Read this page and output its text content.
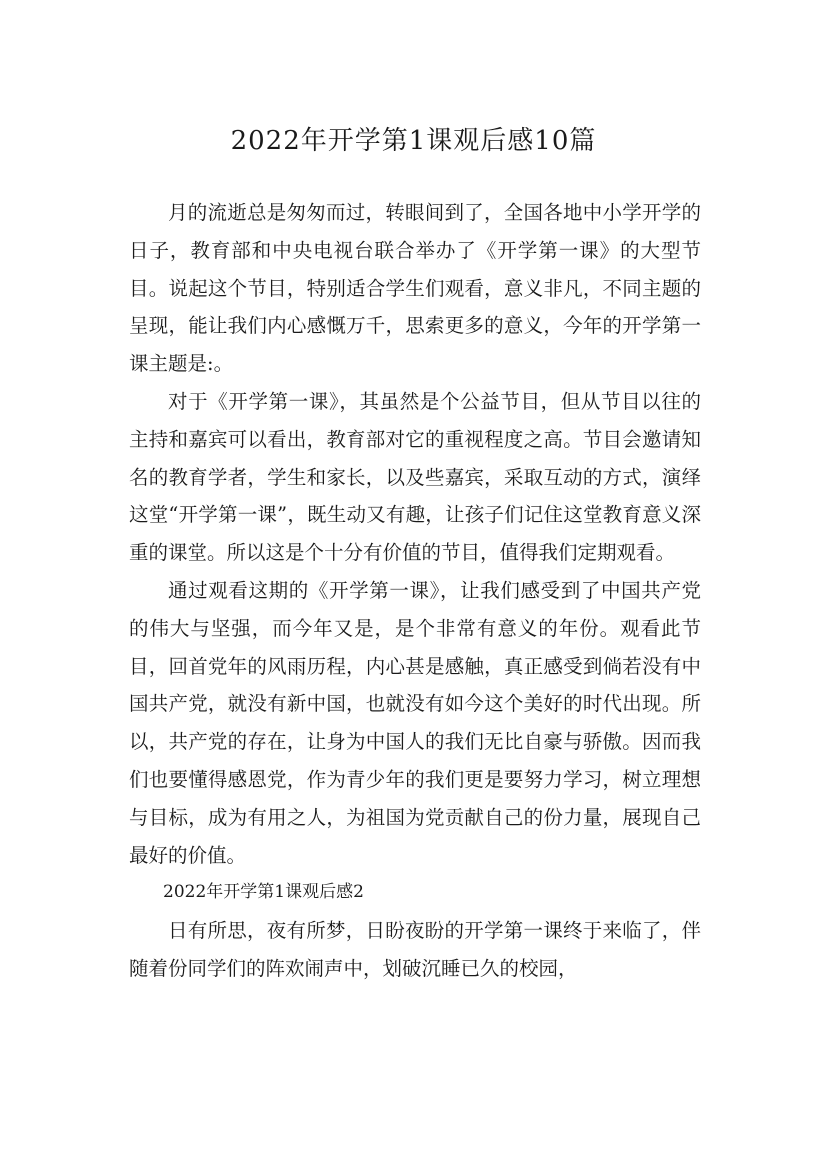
2022年开学第1课观后感10篇

月的流逝总是匆匆而过，转眼间到了，全国各地中小学开学的日子，教育部和中央电视台联合举办了《开学第一课》的大型节目。说起这个节目，特别适合学生们观看，意义非凡，不同主题的呈现，能让我们内心感慨万千，思索更多的意义，今年的开学第一课主题是:。

对于《开学第一课》，其虽然是个公益节目，但从节目以往的主持和嘉宾可以看出，教育部对它的重视程度之高。节目会邀请知名的教育学者，学生和家长，以及些嘉宾，采取互动的方式，演绎这堂“开学第一课”，既生动又有趣，让孩子们记住这堂教育意义深重的课堂。所以这是个十分有价值的节目，值得我们定期观看。

通过观看这期的《开学第一课》，让我们感受到了中国共产党的伟大与坚强，而今年又是，是个非常有意义的年份。观看此节目，回首党年的风雨历程，内心甚是感触，真正感受到倘若没有中国共产党，就没有新中国，也就没有如今这个美好的时代出现。所以，共产党的存在，让身为中国人的我们无比自豪与骄傲。因而我们也要懂得感恩党，作为青少年的我们更是要努力学习，树立理想与目标，成为有用之人，为祖国为党贡献自己的份力量，展现自己最好的价值。

2022年开学第1课观后感2

日有所思，夜有所梦，日盼夜盼的开学第一课终于来临了，伴随着份同学们的阵欢闹声中，划破沉睡已久的校园，
